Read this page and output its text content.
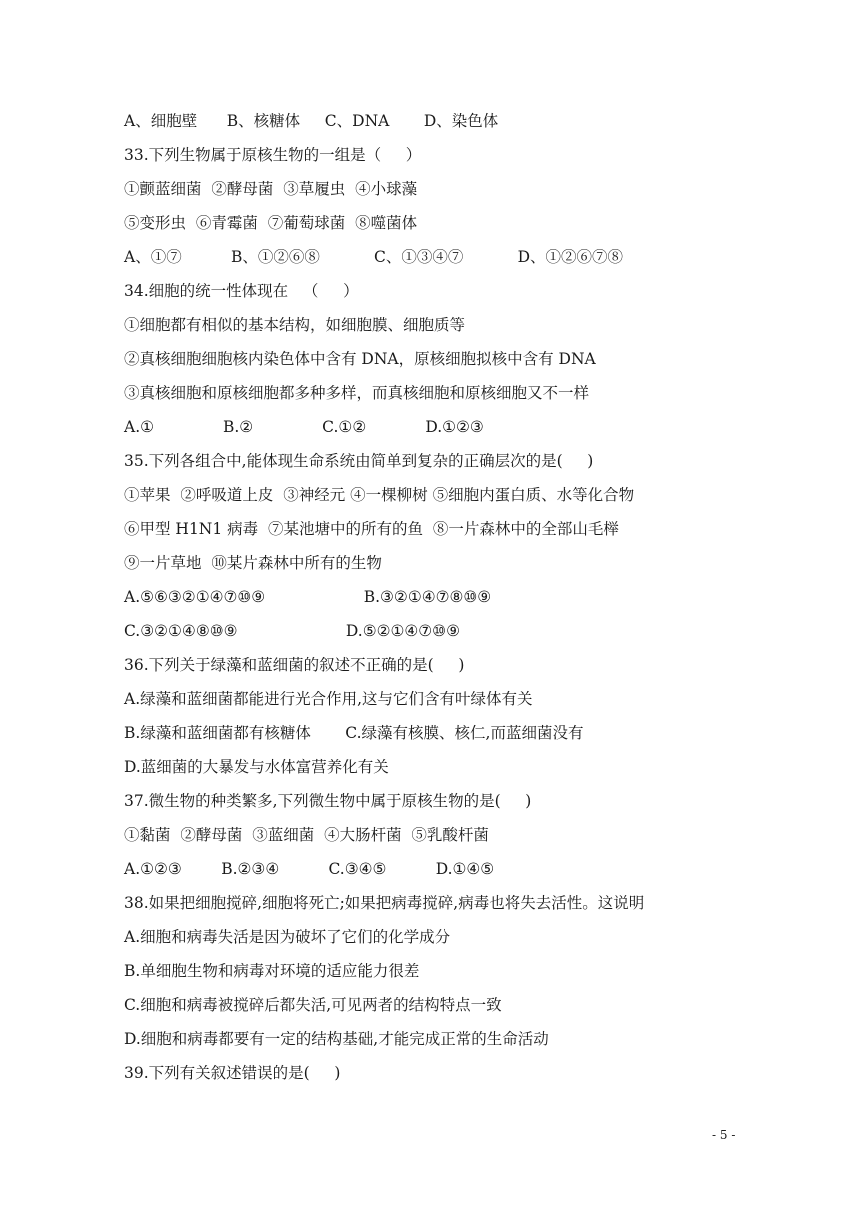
A、细胞壁      B、核糖体     C、DNA       D、染色体

33.下列生物属于原核生物的一组是（     ）

①颤蓝细菌  ②酵母菌  ③草履虫  ④小球藻

⑤变形虫  ⑥青霉菌  ⑦葡萄球菌  ⑧噬菌体

A、①⑦          B、①②⑥⑧           C、①③④⑦           D、①②⑥⑦⑧

34.细胞的统一性体现在   （     ）

①细胞都有相似的基本结构，如细胞膜、细胞质等

②真核细胞细胞核内染色体中含有 DNA，原核细胞拟核中含有 DNA

③真核细胞和原核细胞都多种多样，而真核细胞和原核细胞又不一样

A.①              B.②              C.①②            D.①②③

35.下列各组合中,能体现生命系统由简单到复杂的正确层次的是(     )

①苹果  ②呼吸道上皮  ③神经元 ④一棵柳树 ⑤细胞内蛋白质、水等化合物

⑥甲型 H1N1 病毒  ⑦某池塘中的所有的鱼  ⑧一片森林中的全部山毛榉

⑨一片草地  ⑩某片森林中所有的生物

A.⑤⑥③②①④⑦⑩⑨                    B.③②①④⑦⑧⑩⑨

C.③②①④⑧⑩⑨                      D.⑤②①④⑦⑩⑨

36.下列关于绿藻和蓝细菌的叙述不正确的是(     )

A.绿藻和蓝细菌都能进行光合作用,这与它们含有叶绿体有关

B.绿藻和蓝细菌都有核糖体       C.绿藻有核膜、核仁,而蓝细菌没有

D.蓝细菌的大暴发与水体富营养化有关

37.微生物的种类繁多,下列微生物中属于原核生物的是(     )

①黏菌  ②酵母菌  ③蓝细菌  ④大肠杆菌  ⑤乳酸杆菌

A.①②③        B.②③④          C.③④⑤          D.①④⑤

38.如果把细胞搅碎,细胞将死亡;如果把病毒搅碎,病毒也将失去活性。这说明

A.细胞和病毒失活是因为破坏了它们的化学成分

B.单细胞生物和病毒对环境的适应能力很差

C.细胞和病毒被搅碎后都失活,可见两者的结构特点一致

D.细胞和病毒都要有一定的结构基础,才能完成正常的生命活动

39.下列有关叙述错误的是(     )

- 5 -
